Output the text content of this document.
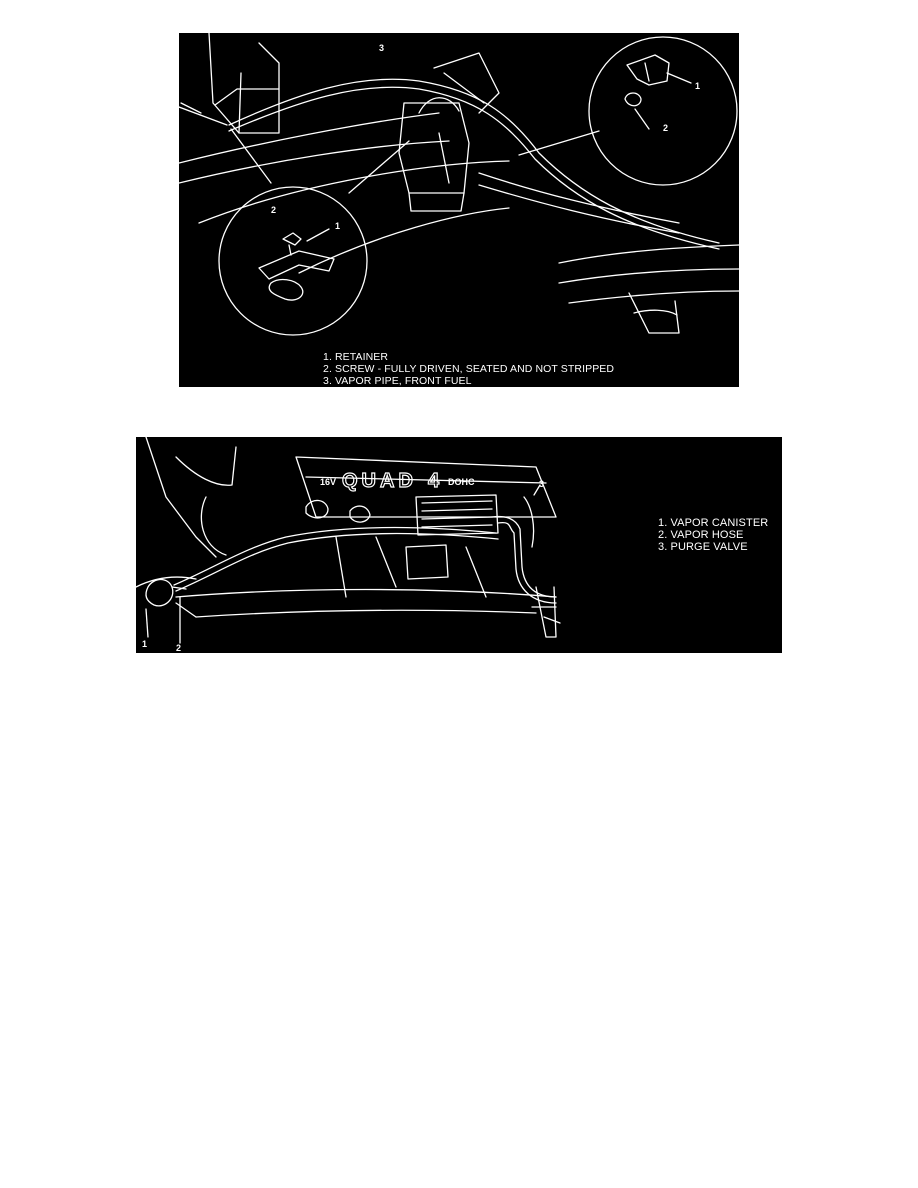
3
1
2
1
2
1. RETAINER
2. SCREW - FULLY DRIVEN, SEATED AND NOT STRIPPED
3. VAPOR PIPE, FRONT FUEL
16V QUAD 4 DOHC
1	2
3
1. VAPOR CANISTER
2. VAPOR HOSE
3. PURGE VALVE
